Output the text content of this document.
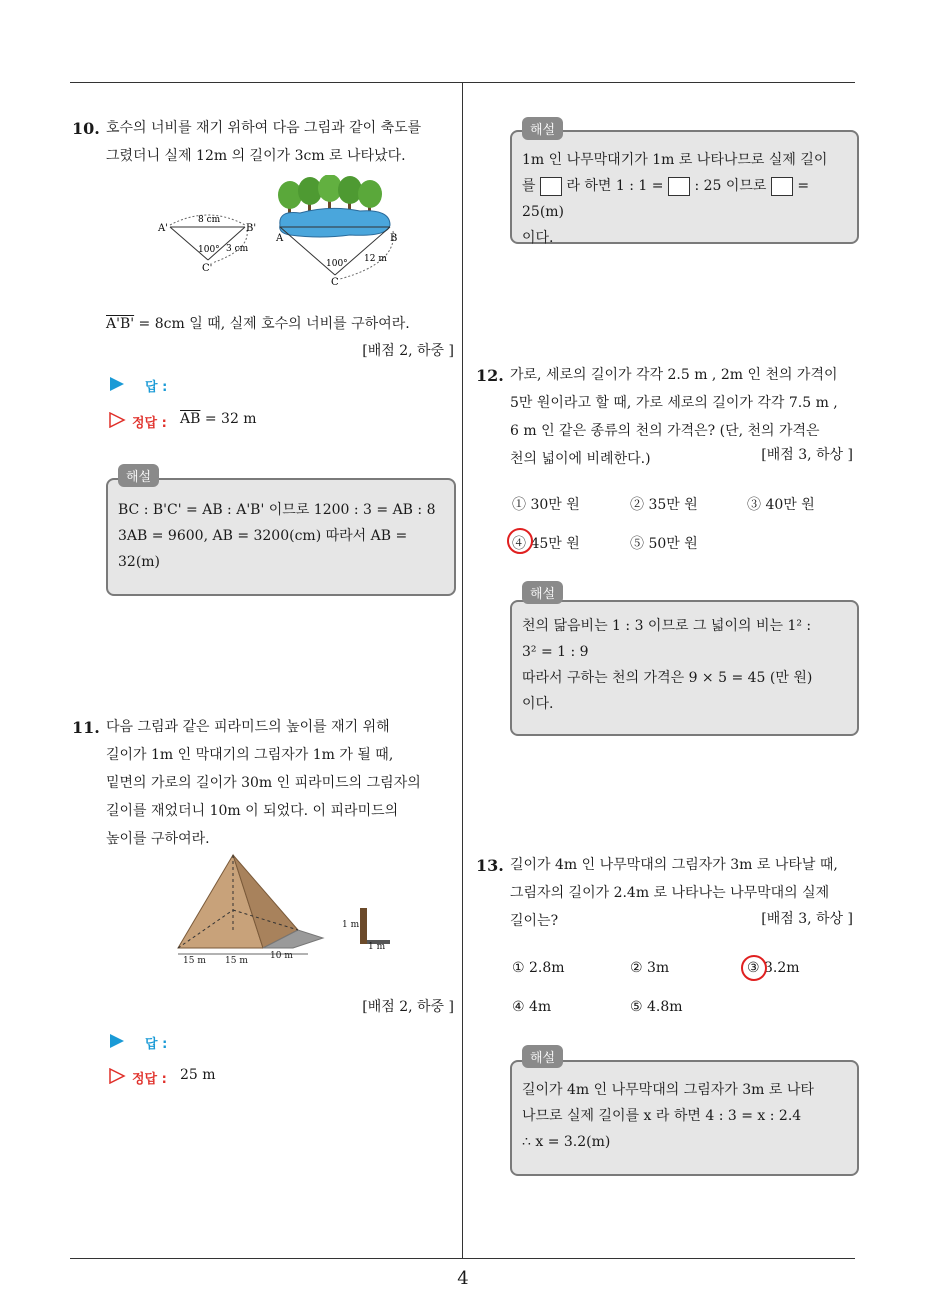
4
10. 호수의 너비를 재기 위하여 다음 그림과 같이 축도를
그렸더니 실제 12m 의 길이가 3cm 로 나타났다.
8 cm
A'	B'
C'
100° 3 cm
A	B
C
100° 12 m
A'B' = 8cm 일 때, 실제 호수의 너비를 구하여라.
[배점 2, 하중 ]
답 :
정답 : $\overline{AB} = 32$ m
해설
BC : B'C' = AB : A'B' 이므로 1200 : 3 = AB : 8
3AB = 9600, AB = 3200(cm) 따라서 AB =
32(m)
11. 다음 그림과 같은 피라미드의 높이를 재기 위해
길이가 1m 인 막대기의 그림자가 1m 가 될 때,
밑면의 가로의 길이가 30m 인 피라미드의 그림자의
길이를 재었더니 10m 이 되었다. 이 피라미드의
높이를 구하여라.
15 m 15 m 10 m
1 m
1 m
[배점 2, 하중 ]
답 :
정답 : 25 m
해설
1m 인 나무막대기가 1m 로 나타나므로 실제 길이
를 라 하면 1 : 1 = : 25 이므로 = 25(m)
이다.
12. 가로, 세로의 길이가 각각 2.5 m , 2m 인 천의 가격이
5만 원이라고 할 때, 가로 세로의 길이가 각각 7.5 m ,
6 m 인 같은 종류의 천의 가격은? (단, 천의 가격은
천의 넓이에 비례한다.)	[배점 3, 하상 ]
① 30만 원	② 35만 원	③ 40만 원
④ 45만 원	⑤ 50만 원
해설
천의 닮음비는 1 : 3 이므로 그 넓이의 비는 1² :
3² = 1 : 9
따라서 구하는 천의 가격은 9 × 5 = 45 (만 원)
이다.
13. 길이가 4m 인 나무막대의 그림자가 3m 로 나타날 때,
그림자의 길이가 2.4m 로 나타나는 나무막대의 실제
길이는?	[배점 3, 하상 ]
① 2.8m	② 3m	③ 3.2m
④ 4m	⑤ 4.8m
해설
길이가 4m 인 나무막대의 그림자가 3m 로 나타
나므로 실제 길이를 x 라 하면 4 : 3 = x : 2.4
∴ x = 3.2(m)
